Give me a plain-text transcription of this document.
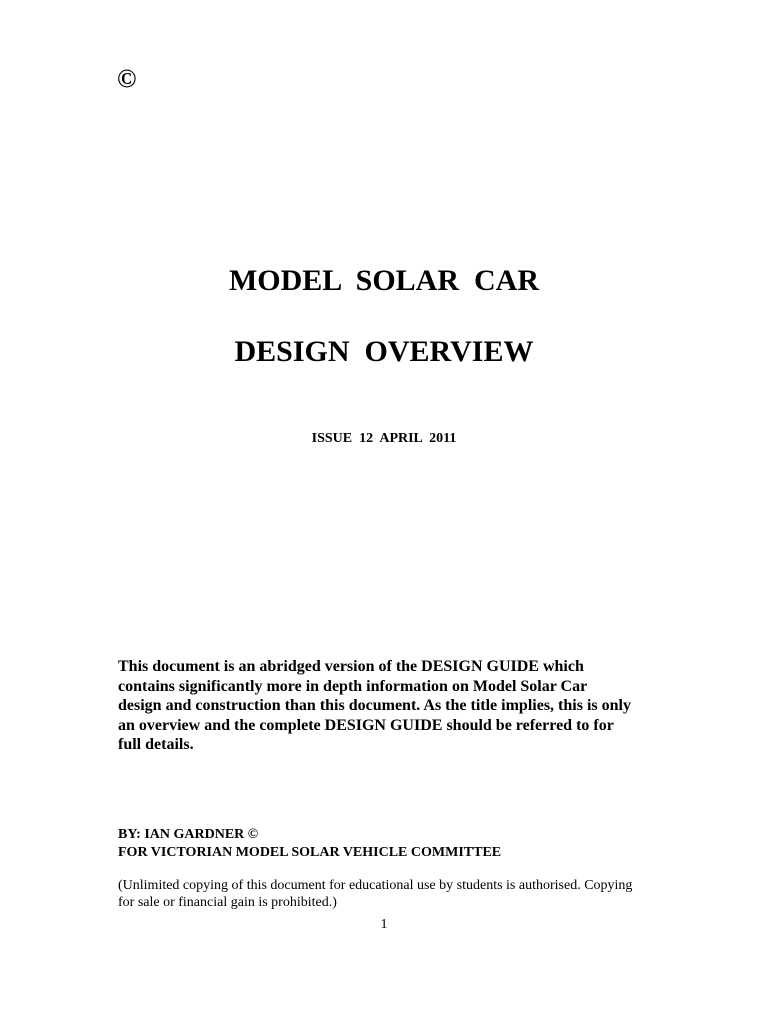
©
MODEL  SOLAR  CAR
DESIGN  OVERVIEW
ISSUE  12  APRIL  2011
This document is an abridged version of the DESIGN GUIDE which
contains significantly more in depth information on Model Solar Car
design and construction than this document. As the title implies, this is only
an overview and the complete DESIGN GUIDE should be referred to for
full details.
BY: IAN GARDNER ©
FOR VICTORIAN MODEL SOLAR VEHICLE COMMITTEE
(Unlimited copying of this document for educational use by students is authorised. Copying
for sale or financial gain is prohibited.)
1
